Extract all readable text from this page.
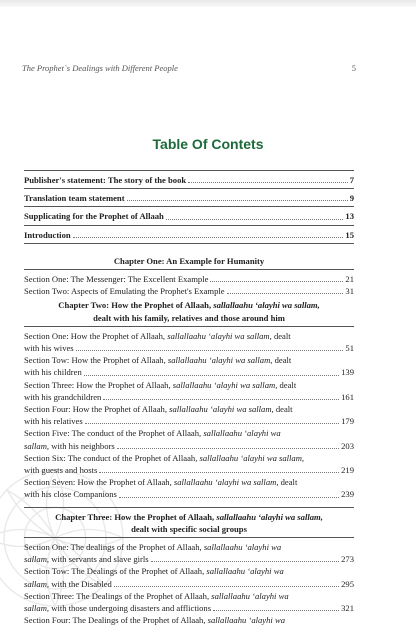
The Prophet`s Dealings with Different People	5
Table Of Contets
Publisher's statement: The story of the book	7
Translation team statement	9
Supplicating for the Prophet of Allaah	13
Introduction	15
Chapter One: An Example for Humanity
Section One: The Messenger: The Excellent Example	21
Section Two: Aspects of Emulating the Prophet's Example	31
Chapter Two: How the Prophet of Allaah, sallallaahu ‘alayhi wa sallam,
dealt with his family, relatives and those around him
Section One: How the Prophet of Allaah, sallallaahu ‘alayhi wa sallam, dealt
with his wives	51
Section Tow: How the Prophet of Allaah, sallallaahu ‘alayhi wa sallam, dealt
with his children	139
Section Three: How the Prophet of Allaah, sallallaahu ‘alayhi wa sallam, dealt
with his grandchildren	161
Section Four: How the Prophet of Allaah, sallallaahu ‘alayhi wa sallam, dealt
with his relatives	179
Section Five: The conduct of the Prophet of Allaah, sallallaahu ‘alayhi wa
sallam, with his neighbors	203
Section Six: The conduct of the Prophet of Allaah, sallallaahu ‘alayhi wa sallam,
with guests and hosts	219
Section Seven: How the Prophet of Allaah, sallallaahu ‘alayhi wa sallam, dealt
with his close Companions	239
Chapter Three: How the Prophet of Allaah, sallallaahu ‘alayhi wa sallam,
dealt with specific social groups
Section One: The dealings of the Prophet of Allaah, sallallaahu ‘alayhi wa
sallam, with servants and slave girls	273
Section Tow: The Dealings of the Prophet of Allaah, sallallaahu ‘alayhi wa
sallam, with the Disabled	295
Section Three: The Dealings of the Prophet of Allaah, sallallaahu ‘alayhi wa
sallam, with those undergoing disasters and afflictions	321
Section Four: The Dealings of the Prophet of Allaah, sallallaahu ‘alayhi wa
